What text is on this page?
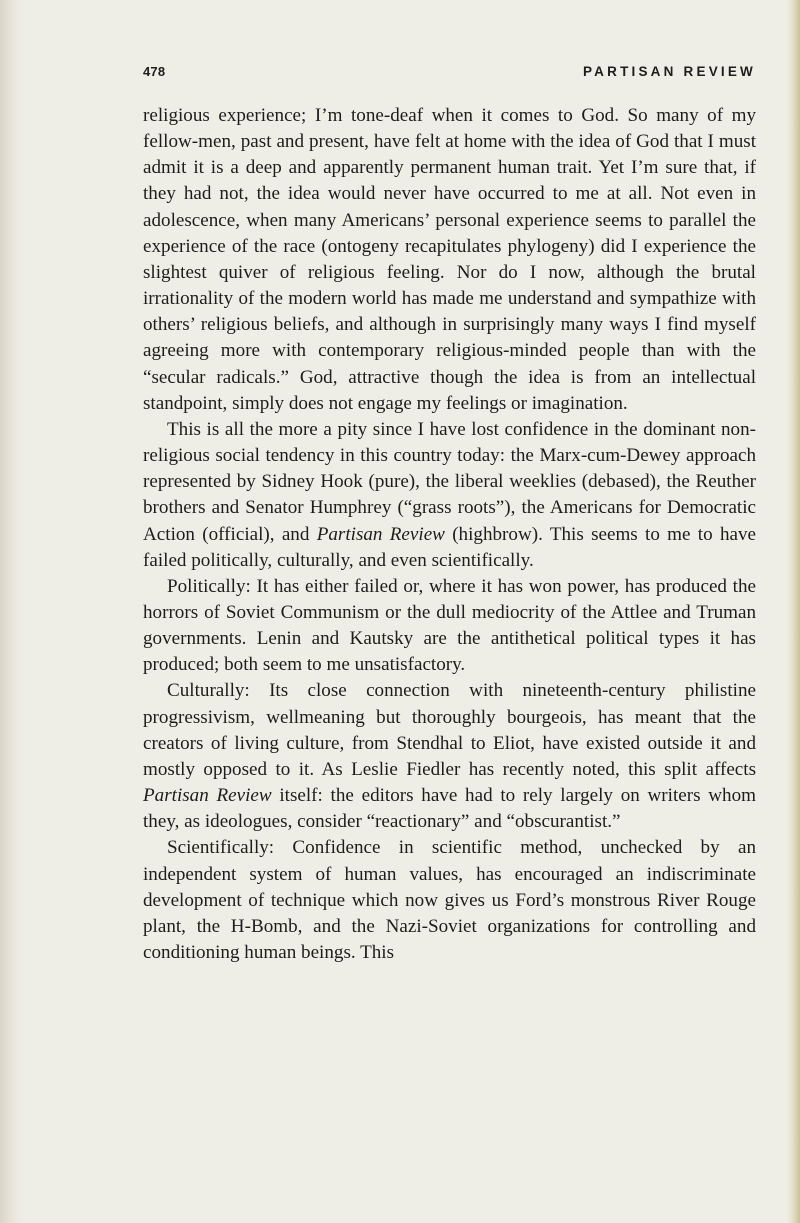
478	PARTISAN REVIEW

religious experience; I’m tone-deaf when it comes to God. So many of my fellow-men, past and present, have felt at home with the idea of God that I must admit it is a deep and apparently permanent human trait. Yet I’m sure that, if they had not, the idea would never have occurred to me at all. Not even in adolescence, when many Americans’ personal experience seems to parallel the experience of the race (ontogeny recapitulates phylogeny) did I experience the slightest quiver of religious feeling. Nor do I now, although the brutal irrationality of the modern world has made me understand and sympathize with others’ religious beliefs, and although in surprisingly many ways I find myself agreeing more with contemporary religious-minded people than with the “secular radicals.” God, attractive though the idea is from an intellectual standpoint, simply does not engage my feelings or imagination.

This is all the more a pity since I have lost confidence in the dominant non-religious social tendency in this country today: the Marx-cum-Dewey approach represented by Sidney Hook (pure), the liberal weeklies (debased), the Reuther brothers and Senator Humphrey (“grass roots”), the Americans for Democratic Action (official), and Partisan Review (highbrow). This seems to me to have failed politically, culturally, and even scientifically.

Politically: It has either failed or, where it has won power, has produced the horrors of Soviet Communism or the dull mediocrity of the Attlee and Truman governments. Lenin and Kautsky are the antithetical political types it has produced; both seem to me unsatisfactory.

Culturally: Its close connection with nineteenth-century philistine progressivism, wellmeaning but thoroughly bourgeois, has meant that the creators of living culture, from Stendhal to Eliot, have existed outside it and mostly opposed to it. As Leslie Fiedler has recently noted, this split affects Partisan Review itself: the editors have had to rely largely on writers whom they, as ideologues, consider “reactionary” and “obscurantist.”

Scientifically: Confidence in scientific method, unchecked by an independent system of human values, has encouraged an indiscriminate development of technique which now gives us Ford’s monstrous River Rouge plant, the H-Bomb, and the Nazi-Soviet organizations for controlling and conditioning human beings. This
